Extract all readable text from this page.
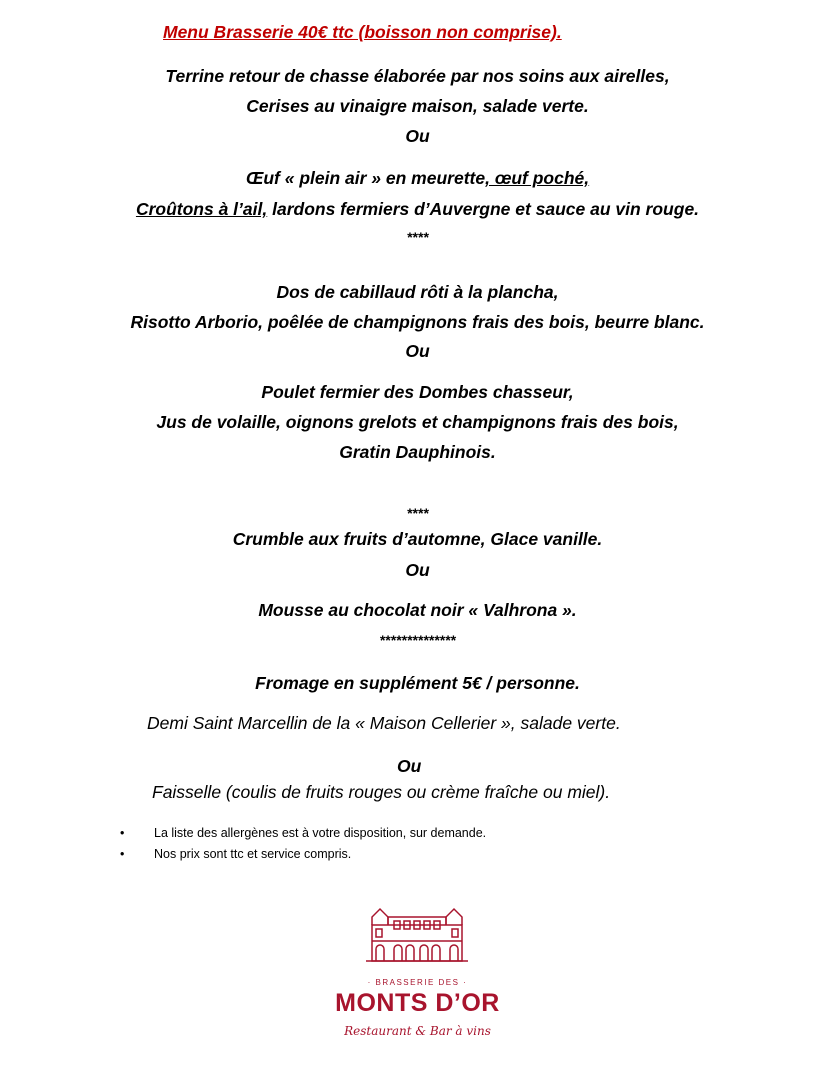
Menu Brasserie 40€ ttc (boisson non comprise).
Terrine retour de chasse élaborée par nos soins aux airelles,
Cerises au vinaigre maison, salade verte.
Ou
Œuf « plein air » en meurette, œuf poché,
Croûtons à l’ail, lardons fermiers d’Auvergne et sauce au vin rouge.
****
Dos de cabillaud rôti à la plancha,
Risotto Arborio, poêlée de champignons frais des bois, beurre blanc.
Ou
Poulet fermier des Dombes chasseur,
Jus de volaille, oignons grelots et champignons frais des bois,
Gratin Dauphinois.
****
Crumble aux fruits d’automne, Glace vanille.
Ou
Mousse au chocolat noir « Valhrona ».
**************
Fromage en supplément 5€ / personne.
Demi Saint Marcellin de la « Maison Cellerier », salade verte.
Ou
Faisselle (coulis de fruits rouges ou crème fraîche ou miel).
• La liste des allergènes est à votre disposition, sur demande.
• Nos prix sont ttc et service compris.
· BRASSERIE DES ·
MONTS D’OR
Restaurant & Bar à vins
